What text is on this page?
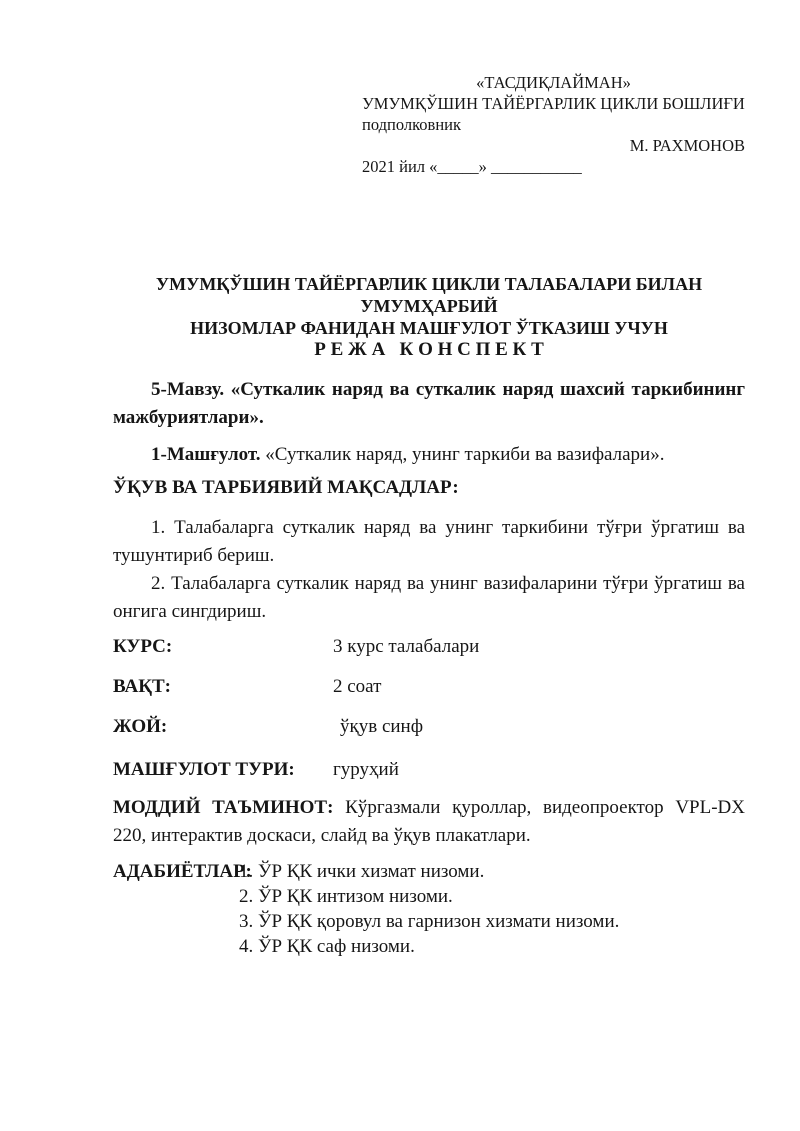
«ТАСДИҚЛАЙМАН»
УМУМҚЎШИН ТАЙЁРГАРЛИК ЦИКЛИ БОШЛИҒИ
подполковник
М. РАХМОНОВ
2021 йил «_____» ___________
УМУМҚЎШИН ТАЙЁРГАРЛИК ЦИКЛИ ТАЛАБАЛАРИ БИЛАН УМУМҲАРБИЙ
НИЗОМЛАР ФАНИДАН МАШҒУЛОТ ЎТКАЗИШ УЧУН
Р Е Ж А   К О Н С П Е К Т

5-Мавзу. «Суткалик наряд ва суткалик наряд шахсий таркибининг мажбуриятлари».

1-Машғулот. «Суткалик наряд, унинг таркиби ва вазифалари».

ЎҚУВ ВА ТАРБИЯВИЙ МАҚСАДЛАР:

1. Талабаларга суткалик наряд ва унинг таркибини тўғри ўргатиш ва тушунтириб бериш.

2. Талабаларга суткалик наряд ва унинг вазифаларини тўғри ўргатиш ва онгига сингдириш.

КУРС:	3 курс талабалари
ВАҚТ:	2 соат
ЖОЙ:	ўқув синф
МАШҒУЛОТ ТУРИ:	гуруҳий

МОДДИЙ ТАЪМИНОТ: Кўргазмали қуроллар, видеопроектор VPL-DX 220, интерактив доскаси, слайд ва ўқув плакатлари.

АДАБИЁТЛАР:

1. ЎР ҚК ички хизмат низоми.

2. ЎР ҚК интизом низоми.

3. ЎР ҚК қоровул ва гарнизон хизмати низоми.

4. ЎР ҚК саф низоми.
